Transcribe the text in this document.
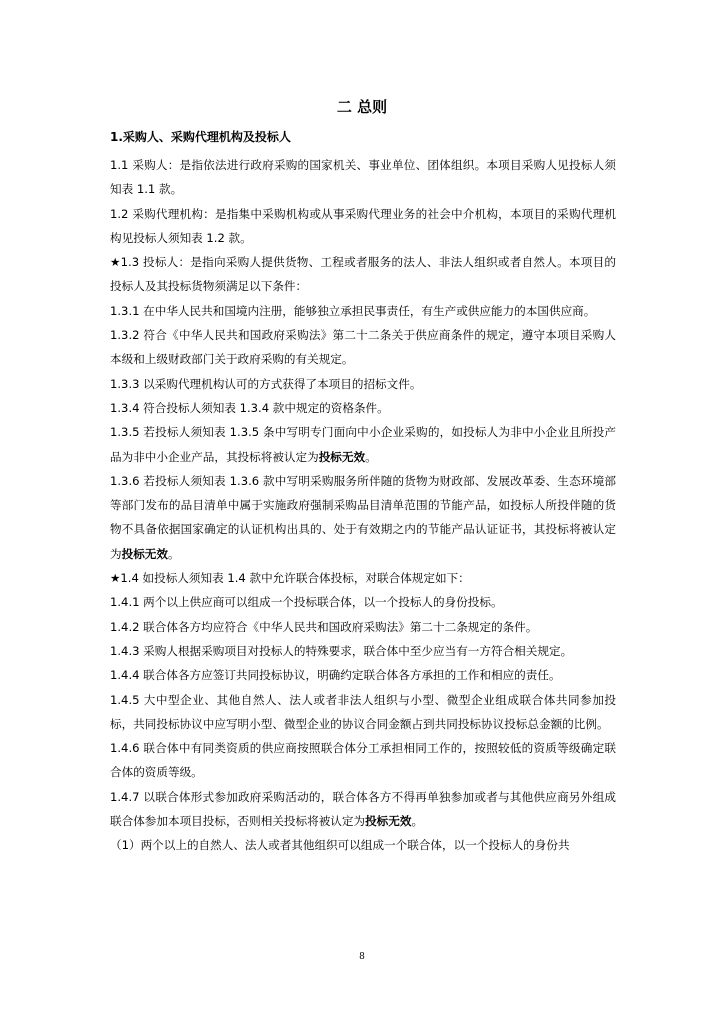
二 总则
1.采购人、采购代理机构及投标人

1.1 采购人：是指依法进行政府采购的国家机关、事业单位、团体组织。本项目采购人见投标人须知表 1.1 款。

1.2 采购代理机构：是指集中采购机构或从事采购代理业务的社会中介机构，本项目的采购代理机构见投标人须知表 1.2 款。

★1.3 投标人：是指向采购人提供货物、工程或者服务的法人、非法人组织或者自然人。本项目的投标人及其投标货物须满足以下条件：

1.3.1 在中华人民共和国境内注册，能够独立承担民事责任，有生产或供应能力的本国供应商。

1.3.2 符合《中华人民共和国政府采购法》第二十二条关于供应商条件的规定，遵守本项目采购人本级和上级财政部门关于政府采购的有关规定。

1.3.3 以采购代理机构认可的方式获得了本项目的招标文件。

1.3.4 符合投标人须知表 1.3.4 款中规定的资格条件。

1.3.5 若投标人须知表 1.3.5 条中写明专门面向中小企业采购的，如投标人为非中小企业且所投产品为非中小企业产品，其投标将被认定为投标无效。

1.3.6 若投标人须知表 1.3.6 款中写明采购服务所伴随的货物为财政部、发展改革委、生态环境部等部门发布的品目清单中属于实施政府强制采购品目清单范围的节能产品，如投标人所投伴随的货物不具备依据国家确定的认证机构出具的、处于有效期之内的节能产品认证证书，其投标将被认定为投标无效。

★1.4 如投标人须知表 1.4 款中允许联合体投标，对联合体规定如下：

1.4.1 两个以上供应商可以组成一个投标联合体，以一个投标人的身份投标。

1.4.2 联合体各方均应符合《中华人民共和国政府采购法》第二十二条规定的条件。

1.4.3 采购人根据采购项目对投标人的特殊要求，联合体中至少应当有一方符合相关规定。

1.4.4 联合体各方应签订共同投标协议，明确约定联合体各方承担的工作和相应的责任。

1.4.5 大中型企业、其他自然人、法人或者非法人组织与小型、微型企业组成联合体共同参加投标，共同投标协议中应写明小型、微型企业的协议合同金额占到共同投标协议投标总金额的比例。

1.4.6 联合体中有同类资质的供应商按照联合体分工承担相同工作的，按照较低的资质等级确定联合体的资质等级。

1.4.7 以联合体形式参加政府采购活动的，联合体各方不得再单独参加或者与其他供应商另外组成联合体参加本项目投标，否则相关投标将被认定为投标无效。

（1）两个以上的自然人、法人或者其他组织可以组成一个联合体，以一个投标人的身份共

8
